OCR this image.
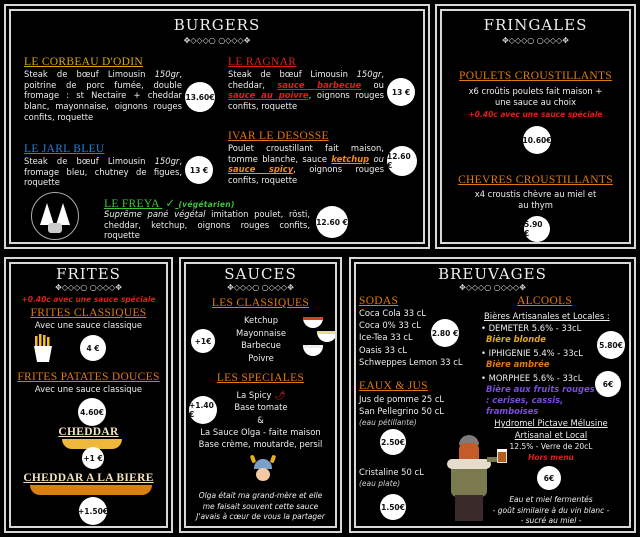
BURGERS
✥◇◇◇○ ○◇◇◇✥
LE CORBEAU D'ODIN
Steak de bœuf Limousin 150gr, poitrine de porc fumée, double fromage : st Nectaire + cheddar blanc, mayonnaise, oignons rouges confits, roquette
13.60€
LE RAGNAR
Steak de bœuf Limousin 150gr, cheddar, sauce barbecue ou sauce au poivre, oignons rouges confits, roquette
13 €
IVAR LE DESOSSE
Poulet croustillant fait maison, tomme blanche, sauce ketchup ou sauce spicy, oignons rouges confits, roquette
12.60 €
LE JARL BLEU
Steak de bœuf Limousin 150gr, fromage bleu, chutney de figues, roquette
13 €
LE FREYA ✓ (végétarien)
Suprême pané végétal imitation poulet, rösti, cheddar, ketchup, oignons rouges confits, roquette
12.60 €
FRINGALES
✥◇◇◇○ ○◇◇◇✥
POULETS CROUSTILLANTS
x6 croûtis poulets fait maison + une sauce au choix
+0.40c avec une sauce spéciale
10.60€
CHEVRES CROUSTILLANTS
x4 croustis chèvre au miel et au thym
5.90 €
FRITES
✥◇◇◇○ ○◇◇◇✥
+0.40c avec une sauce spéciale
FRITES CLASSIQUES
Avec une sauce classique
4 €
FRITES PATATES DOUCES
Avec une sauce classique
4.60€
CHEDDAR
+1 €
CHEDDAR A LA BIERE
+1.50€
SAUCES
✥◇◇◇○ ○◇◇◇✥
LES CLASSIQUES
Ketchup
Mayonnaise
Barbecue
Poivre
+1€
LES SPECIALES
La Spicy 🌶
Base tomate
+1.40 €
&
La Sauce Olga - faite maison
Base crème, moutarde, persil
Olga était ma grand-mère et elle
me faisait souvent cette sauce
J'avais à cœur de vous la partager
BREUVAGES
✥◇◇◇○ ○◇◇◇✥
SODAS
Coca Cola 33 cL
Coca 0% 33 cL
Ice-Tea 33 cL
Oasis 33 cL
Schweppes Lemon 33 cL
2.80 €
EAUX & JUS
Jus de pomme 25 cL
San Pellegrino 50 cL
(eau pétillante)
2.50€
Cristaline 50 cL
(eau plate)
1.50€
ALCOOLS
Bières Artisanales et Locales :
• DEMETER 5.6% - 33cL
Bière blonde
• IPHIGENIE 5.4% - 33cL
Bière ambrée
5.80€
• MORPHEE 5.6% - 33cL
Bière aux fruits rouges : cerises, cassis, framboises
6€
Hydromel Pictave Mélusine
Artisanal et Local
12.5% - Verre de 20cL
Hors menu
6€
Eau et miel fermentés
- goût similaire à du vin blanc -
- sucré au miel -
